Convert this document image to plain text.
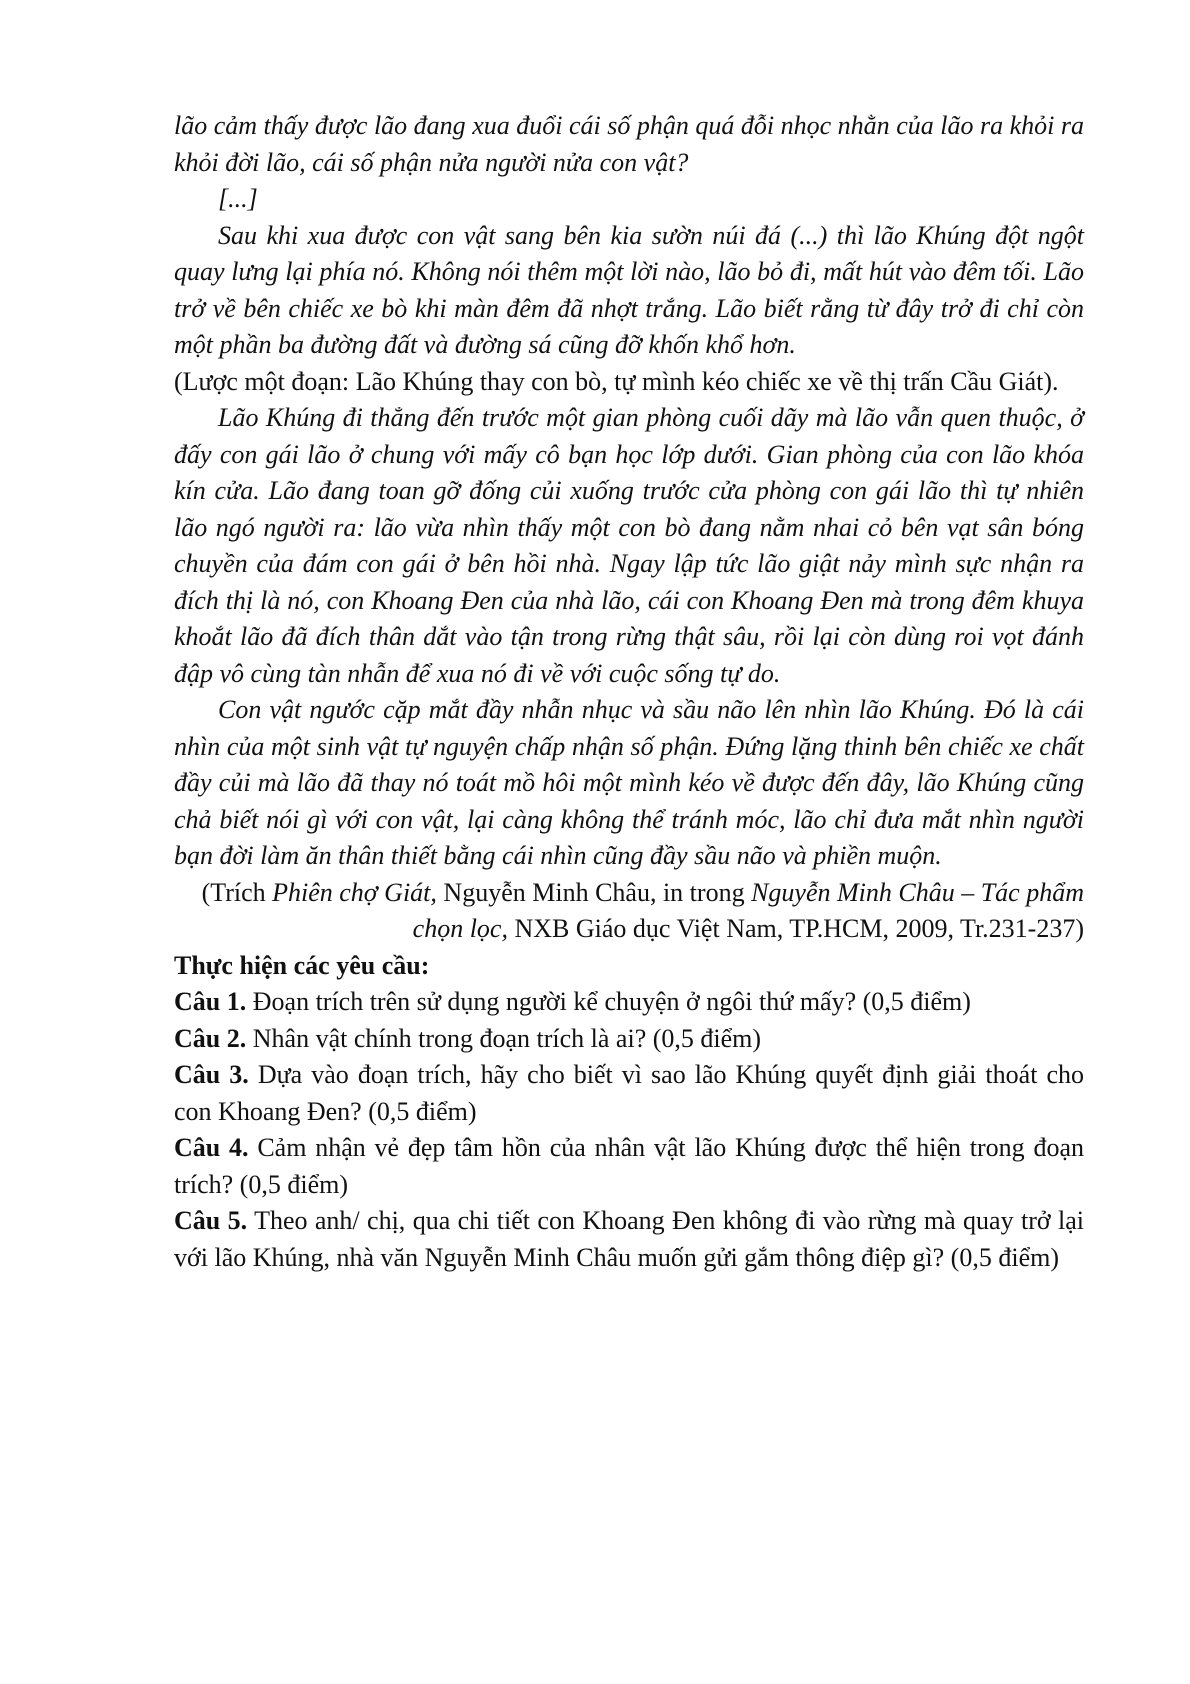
lão cảm thấy được lão đang xua đuổi cái số phận quá đỗi nhọc nhằn của lão ra khỏi ra khỏi đời lão, cái số phận nửa người nửa con vật?

[...]

Sau khi xua được con vật sang bên kia sườn núi đá (...) thì lão Khúng đột ngột quay lưng lại phía nó. Không nói thêm một lời nào, lão bỏ đi, mất hút vào đêm tối. Lão trở về bên chiếc xe bò khi màn đêm đã nhợt trắng. Lão biết rằng từ đây trở đi chỉ còn một phần ba đường đất và đường sá cũng đỡ khốn khổ hơn.

(Lược một đoạn: Lão Khúng thay con bò, tự mình kéo chiếc xe về thị trấn Cầu Giát).

Lão Khúng đi thẳng đến trước một gian phòng cuối dãy mà lão vẫn quen thuộc, ở đấy con gái lão ở chung với mấy cô bạn học lớp dưới. Gian phòng của con lão khóa kín cửa. Lão đang toan gỡ đống củi xuống trước cửa phòng con gái lão thì tự nhiên lão ngó người ra: lão vừa nhìn thấy một con bò đang nằm nhai cỏ bên vạt sân bóng chuyền của đám con gái ở bên hồi nhà. Ngay lập tức lão giật nảy mình sực nhận ra đích thị là nó, con Khoang Đen của nhà lão, cái con Khoang Đen mà trong đêm khuya khoắt lão đã đích thân dắt vào tận trong rừng thật sâu, rồi lại còn dùng roi vọt đánh đập vô cùng tàn nhẫn để xua nó đi về với cuộc sống tự do.

Con vật ngước cặp mắt đầy nhẫn nhục và sầu não lên nhìn lão Khúng. Đó là cái nhìn của một sinh vật tự nguyện chấp nhận số phận. Đứng lặng thinh bên chiếc xe chất đầy củi mà lão đã thay nó toát mồ hôi một mình kéo về được đến đây, lão Khúng cũng chả biết nói gì với con vật, lại càng không thể tránh móc, lão chỉ đưa mắt nhìn người bạn đời làm ăn thân thiết bằng cái nhìn cũng đầy sầu não và phiền muộn.

(Trích Phiên chợ Giát, Nguyễn Minh Châu, in trong Nguyễn Minh Châu – Tác phẩm

chọn lọc, NXB Giáo dục Việt Nam, TP.HCM, 2009, Tr.231-237)

Thực hiện các yêu cầu:

Câu 1. Đoạn trích trên sử dụng người kể chuyện ở ngôi thứ mấy? (0,5 điểm)

Câu 2. Nhân vật chính trong đoạn trích là ai? (0,5 điểm)

Câu 3. Dựa vào đoạn trích, hãy cho biết vì sao lão Khúng quyết định giải thoát cho con Khoang Đen? (0,5 điểm)

Câu 4. Cảm nhận vẻ đẹp tâm hồn của nhân vật lão Khúng được thể hiện trong đoạn trích? (0,5 điểm)

Câu 5. Theo anh/ chị, qua chi tiết con Khoang Đen không đi vào rừng mà quay trở lại với lão Khúng, nhà văn Nguyễn Minh Châu muốn gửi gắm thông điệp gì? (0,5 điểm)
